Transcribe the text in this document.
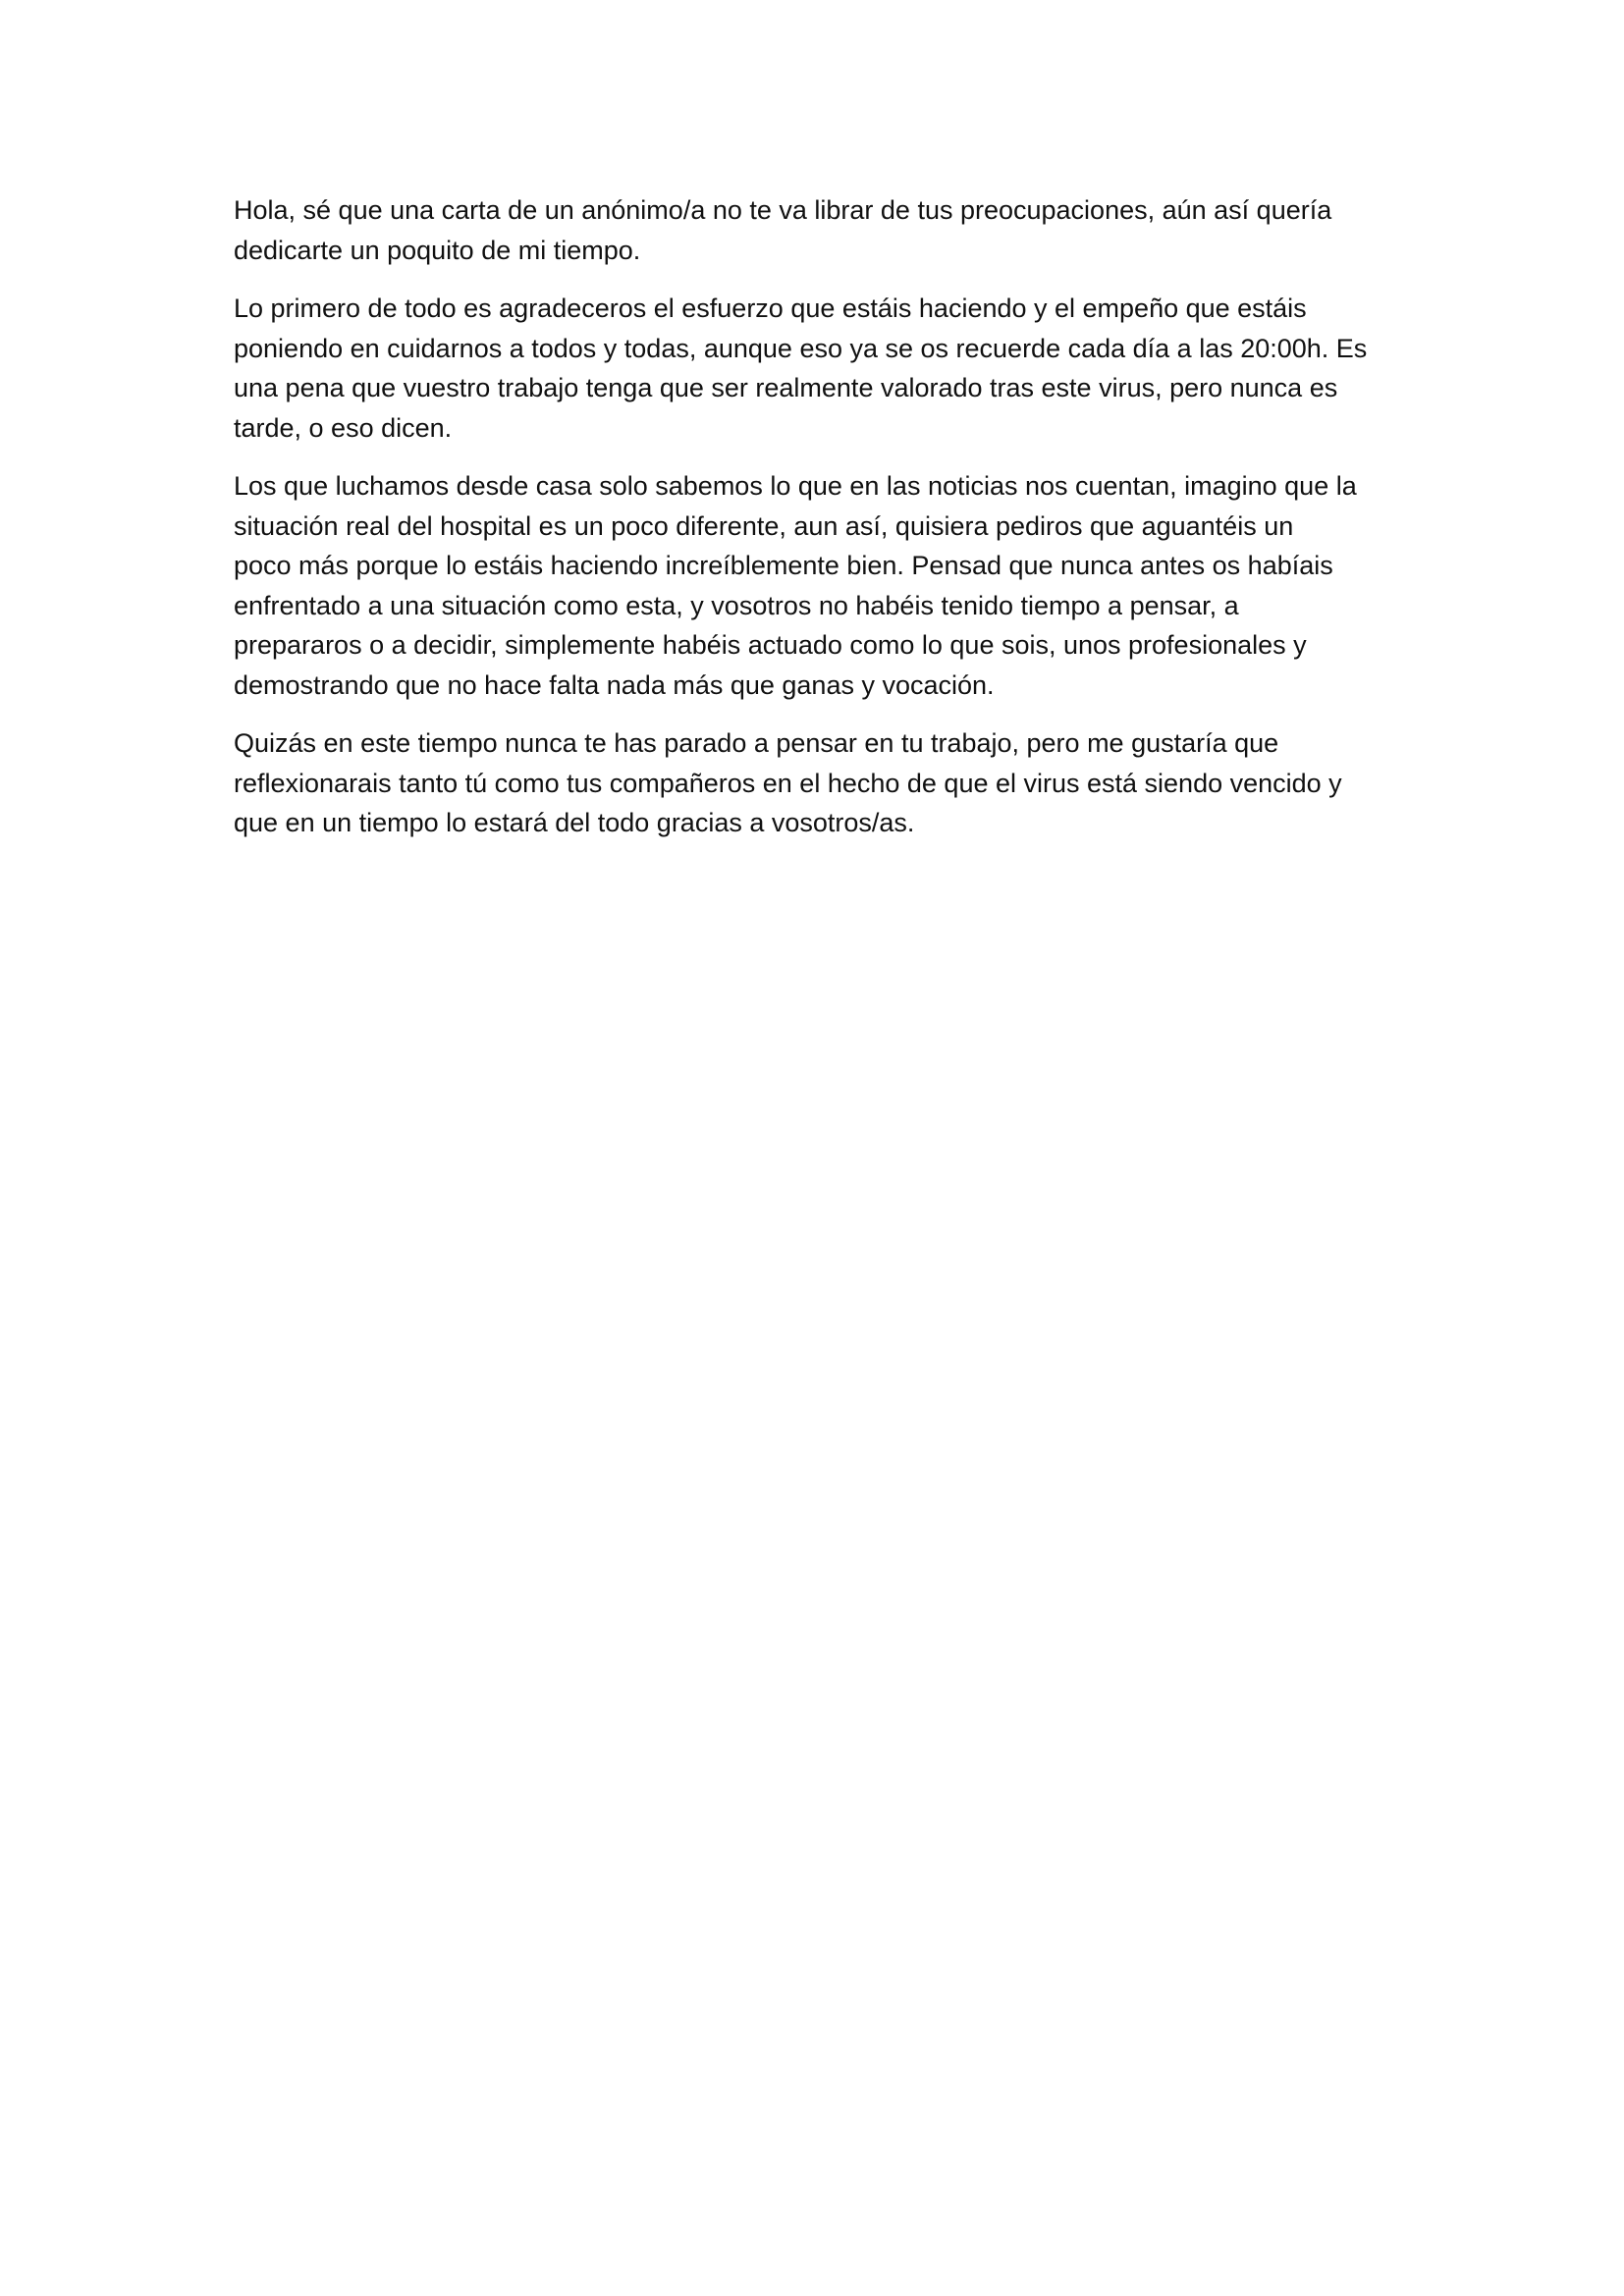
Hola, sé que una carta de un anónimo/a no te va librar de tus preocupaciones, aún así quería
dedicarte un poquito de mi tiempo.

Lo primero de todo es agradeceros el esfuerzo que estáis haciendo y el empeño que estáis
poniendo en cuidarnos a todos y todas, aunque eso ya se os recuerde cada día a las 20:00h. Es
una pena que vuestro trabajo tenga que ser realmente valorado tras este virus, pero nunca es
tarde, o eso dicen.

Los que luchamos desde casa solo sabemos lo que en las noticias nos cuentan, imagino que la
situación real del hospital es un poco diferente, aun así, quisiera pediros que aguantéis un
poco más porque lo estáis haciendo increíblemente bien. Pensad que nunca antes os habíais
enfrentado a una situación como esta, y vosotros no habéis tenido tiempo a pensar, a
prepararos o a decidir, simplemente habéis actuado como lo que sois, unos profesionales y
demostrando que no hace falta nada más que ganas y vocación.

Quizás en este tiempo nunca te has parado a pensar en tu trabajo, pero me gustaría que
reflexionarais tanto tú como tus compañeros en el hecho de que el virus está siendo vencido y
que en un tiempo lo estará del todo gracias a vosotros/as.
